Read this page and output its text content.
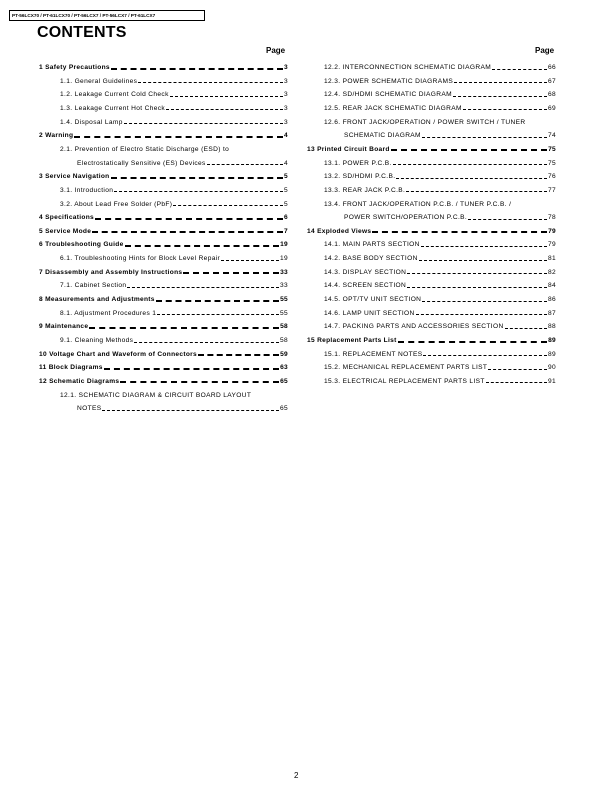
PT-56LCX70 / PT-61LCX70 / PT-56LCX7 / PT-56LCX7 / PT-61LCX7
CONTENTS
Page	Page
1 Safety Precautions	3
1.1. General Guidelines	3
1.2. Leakage Current Cold Check	3
1.3. Leakage Current Hot Check	3
1.4. Disposal Lamp	3
2 Warning	4
2.1. Prevention of Electro Static Discharge (ESD) to
Electrostatically Sensitive (ES) Devices	4
3 Service Navigation	5
3.1. Introduction	5
3.2. About Lead Free Solder (PbF)	5
4 Specifications	6
5 Service Mode	7
6 Troubleshooting Guide	19
6.1. Troubleshooting Hints for Block Level Repair	19
7 Disassembly and Assembly Instructions	33
7.1. Cabinet Section	33
8 Measurements and Adjustments	55
8.1. Adjustment Procedures 1	55
9 Maintenance	58
9.1. Cleaning Methods	58
10 Voltage Chart and Waveform of Connectors	59
11 Block Diagrams	63
12 Schematic Diagrams	65
12.1. SCHEMATIC DIAGRAM & CIRCUIT BOARD LAYOUT
NOTES	65
12.2. INTERCONNECTION SCHEMATIC DIAGRAM	66
12.3. POWER SCHEMATIC DIAGRAMS	67
12.4. SD/HDMI SCHEMATIC DIAGRAM	68
12.5. REAR JACK SCHEMATIC DIAGRAM	69
12.6. FRONT JACK/OPERATION / POWER SWITCH / TUNER
SCHEMATIC DIAGRAM	74
13 Printed Circuit Board	75
13.1. POWER P.C.B.	75
13.2. SD/HDMI P.C.B.	76
13.3. REAR JACK P.C.B.	77
13.4. FRONT JACK/OPERATION P.C.B. / TUNER P.C.B. /
POWER SWITCH/OPERATION P.C.B.	78
14 Exploded Views	79
14.1. MAIN PARTS SECTION	79
14.2. BASE BODY SECTION	81
14.3. DISPLAY SECTION	82
14.4. SCREEN SECTION	84
14.5. OPT/TV UNIT SECTION	86
14.6. LAMP UNIT SECTION	87
14.7. PACKING PARTS AND ACCESSORIES SECTION	88
15 Replacement Parts List	89
15.1. REPLACEMENT NOTES	89
15.2. MECHANICAL REPLACEMENT PARTS LIST	90
15.3. ELECTRICAL REPLACEMENT PARTS LIST	91
2
